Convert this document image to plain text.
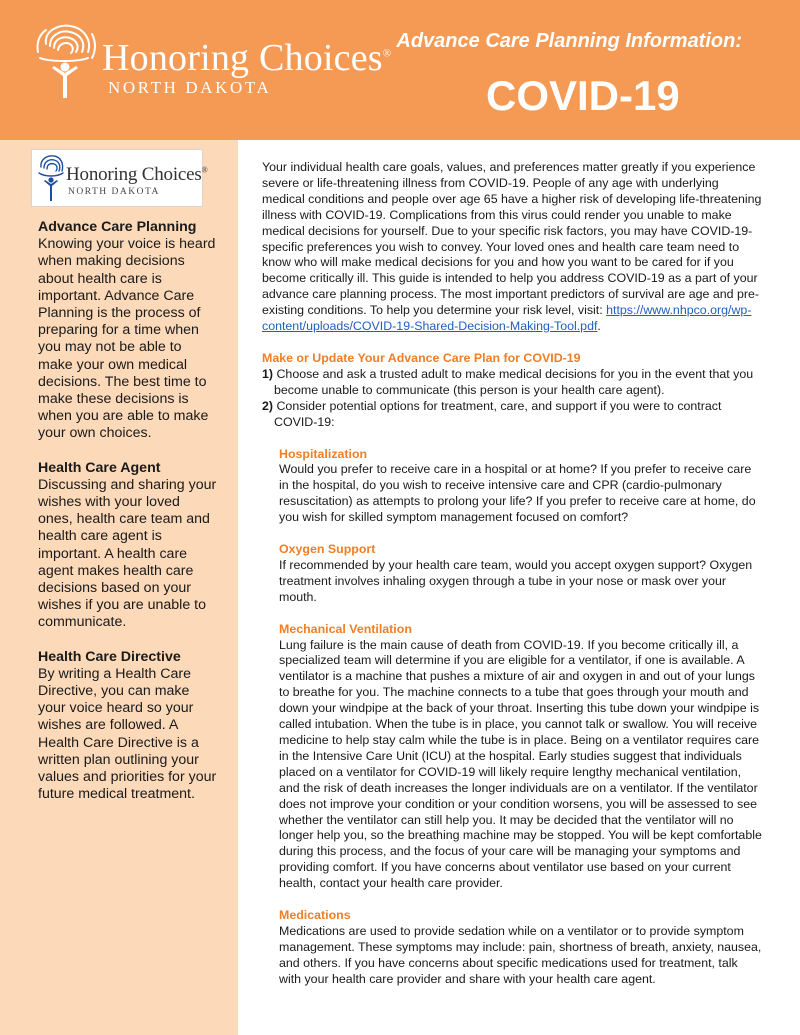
Honoring Choices®
NORTH DAKOTA
Advance Care Planning Information:
COVID-19
Honoring Choices®
NORTH DAKOTA
Advance Care Planning
Knowing your voice is heard when making decisions about health care is important. Advance Care Planning is the process of preparing for a time when you may not be able to make your own medical decisions. The best time to make these decisions is when you are able to make your own choices.
Health Care Agent
Discussing and sharing your wishes with your loved ones, health care team and health care agent is important. A health care agent makes health care decisions based on your wishes if you are unable to communicate.
Health Care Directive
By writing a Health Care Directive, you can make your voice heard so your wishes are followed. A Health Care Directive is a written plan outlining your values and priorities for your future medical treatment.

Your individual health care goals, values, and preferences matter greatly if you experience severe or life-threatening illness from COVID-19. People of any age with underlying medical conditions and people over age 65 have a higher risk of developing life-threatening illness with COVID-19. Complications from this virus could render you unable to make medical decisions for yourself. Due to your specific risk factors, you may have COVID-19-specific preferences you wish to convey. Your loved ones and health care team need to know who will make medical decisions for you and how you want to be cared for if you become critically ill. This guide is intended to help you address COVID-19 as a part of your advance care planning process. The most important predictors of survival are age and pre-existing conditions. To help you determine your risk level, visit: https://www.nhpco.org/wp-content/uploads/COVID-19-Shared-Decision-Making-Tool.pdf.

Make or Update Your Advance Care Plan for COVID-19

1) Choose and ask a trusted adult to make medical decisions for you in the event that you become unable to communicate (this person is your health care agent).

2) Consider potential options for treatment, care, and support if you were to contract COVID-19:

Hospitalization

Would you prefer to receive care in a hospital or at home? If you prefer to receive care in the hospital, do you wish to receive intensive care and CPR (cardio-pulmonary resuscitation) as attempts to prolong your life? If you prefer to receive care at home, do you wish for skilled symptom management focused on comfort?

Oxygen Support

If recommended by your health care team, would you accept oxygen support? Oxygen treatment involves inhaling oxygen through a tube in your nose or mask over your mouth.

Mechanical Ventilation

Lung failure is the main cause of death from COVID-19. If you become critically ill, a specialized team will determine if you are eligible for a ventilator, if one is available. A ventilator is a machine that pushes a mixture of air and oxygen in and out of your lungs to breathe for you. The machine connects to a tube that goes through your mouth and down your windpipe at the back of your throat. Inserting this tube down your windpipe is called intubation. When the tube is in place, you cannot talk or swallow. You will receive medicine to help stay calm while the tube is in place. Being on a ventilator requires care in the Intensive Care Unit (ICU) at the hospital. Early studies suggest that individuals placed on a ventilator for COVID-19 will likely require lengthy mechanical ventilation, and the risk of death increases the longer individuals are on a ventilator. If the ventilator does not improve your condition or your condition worsens, you will be assessed to see whether the ventilator can still help you. It may be decided that the ventilator will no longer help you, so the breathing machine may be stopped. You will be kept comfortable during this process, and the focus of your care will be managing your symptoms and providing comfort. If you have concerns about ventilator use based on your current health, contact your health care provider.

Medications

Medications are used to provide sedation while on a ventilator or to provide symptom management. These symptoms may include: pain, shortness of breath, anxiety, nausea, and others. If you have concerns about specific medications used for treatment, talk with your health care provider and share with your health care agent.
